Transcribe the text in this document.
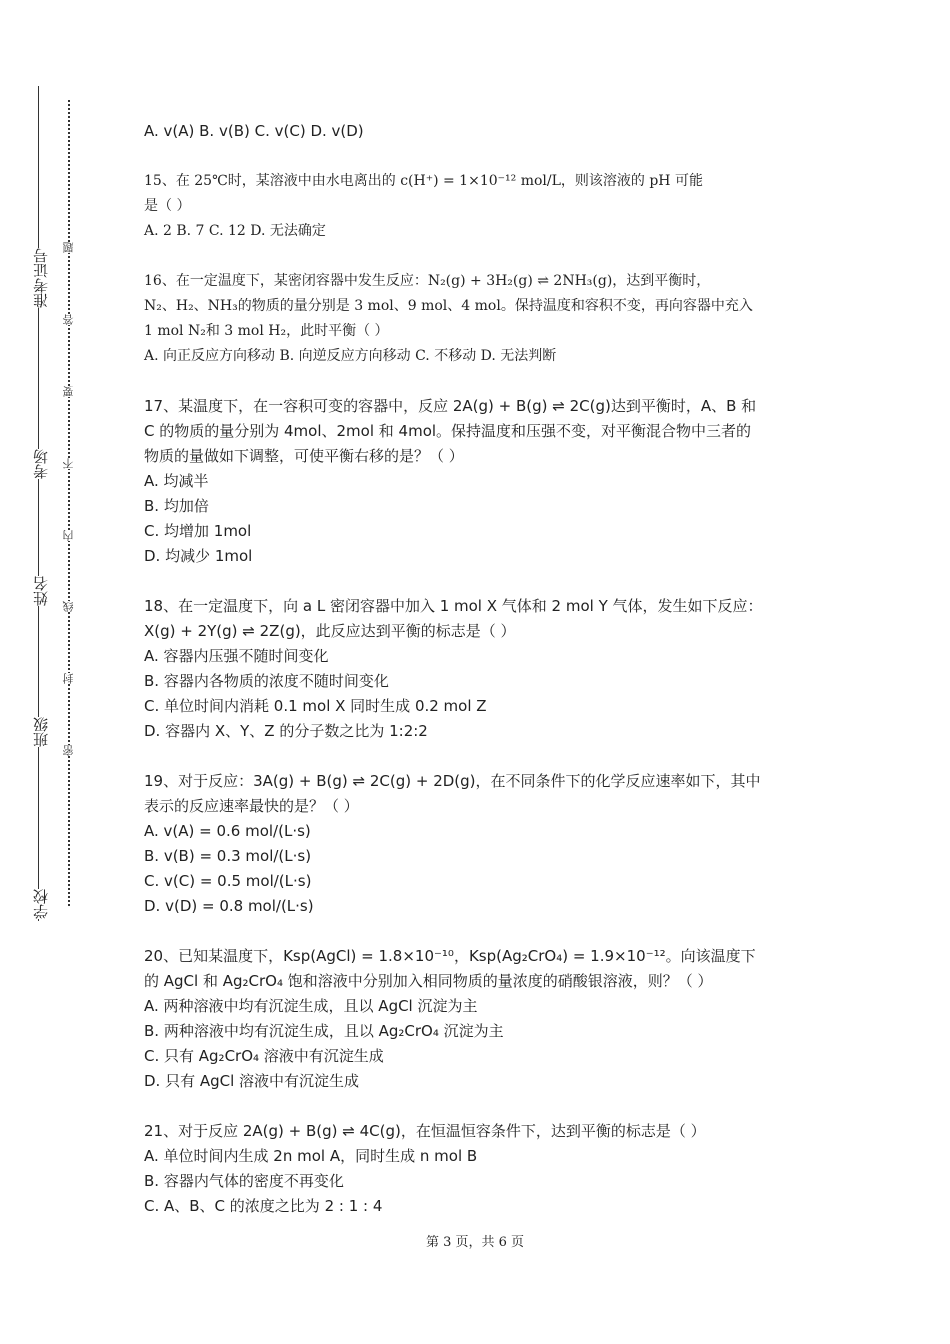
准考证号
考场
姓名
班级
学校
题
答
要
不
内
线
封
密
A. v(A) B. v(B) C. v(C) D. v(D)
15、在 25℃时，某溶液中由水电离出的 c(H⁺) = 1×10⁻¹² mol/L，则该溶液的 pH 可能
是（ ）
A. 2 B. 7 C. 12 D. 无法确定
16、在一定温度下，某密闭容器中发生反应：N₂(g) + 3H₂(g) ⇌ 2NH₃(g)，达到平衡时，
N₂、H₂、NH₃的物质的量分别是 3 mol、9 mol、4 mol。保持温度和容积不变，再向容器中充入
1 mol N₂和 3 mol H₂，此时平衡（ ）
A. 向正反应方向移动 B. 向逆反应方向移动 C. 不移动 D. 无法判断
17、某温度下，在一容积可变的容器中，反应 2A(g) + B(g) ⇌ 2C(g)达到平衡时，A、B 和
C 的物质的量分别为 4mol、2mol 和 4mol。保持温度和压强不变，对平衡混合物中三者的
物质的量做如下调整，可使平衡右移的是？（ ）
A. 均减半
B. 均加倍
C. 均增加 1mol
D. 均减少 1mol
18、在一定温度下，向 a L 密闭容器中加入 1 mol X 气体和 2 mol Y 气体，发生如下反应：
X(g) + 2Y(g) ⇌ 2Z(g)，此反应达到平衡的标志是（ ）
A. 容器内压强不随时间变化
B. 容器内各物质的浓度不随时间变化
C. 单位时间内消耗 0.1 mol X 同时生成 0.2 mol Z
D. 容器内 X、Y、Z 的分子数之比为 1:2:2
19、对于反应：3A(g) + B(g) ⇌ 2C(g) + 2D(g)，在不同条件下的化学反应速率如下，其中
表示的反应速率最快的是？（ ）
A. v(A) = 0.6 mol/(L·s)
B. v(B) = 0.3 mol/(L·s)
C. v(C) = 0.5 mol/(L·s)
D. v(D) = 0.8 mol/(L·s)
20、已知某温度下，Ksp(AgCl) = 1.8×10⁻¹⁰，Ksp(Ag₂CrO₄) = 1.9×10⁻¹²。向该温度下
的 AgCl 和 Ag₂CrO₄ 饱和溶液中分别加入相同物质的量浓度的硝酸银溶液，则？（ ）
A. 两种溶液中均有沉淀生成，且以 AgCl 沉淀为主
B. 两种溶液中均有沉淀生成，且以 Ag₂CrO₄ 沉淀为主
C. 只有 Ag₂CrO₄ 溶液中有沉淀生成
D. 只有 AgCl 溶液中有沉淀生成
21、对于反应 2A(g) + B(g) ⇌ 4C(g)，在恒温恒容条件下，达到平衡的标志是（ ）
A. 单位时间内生成 2n mol A，同时生成 n mol B
B. 容器内气体的密度不再变化
C. A、B、C 的浓度之比为 2 : 1 : 4
第 3 页，共 6 页
